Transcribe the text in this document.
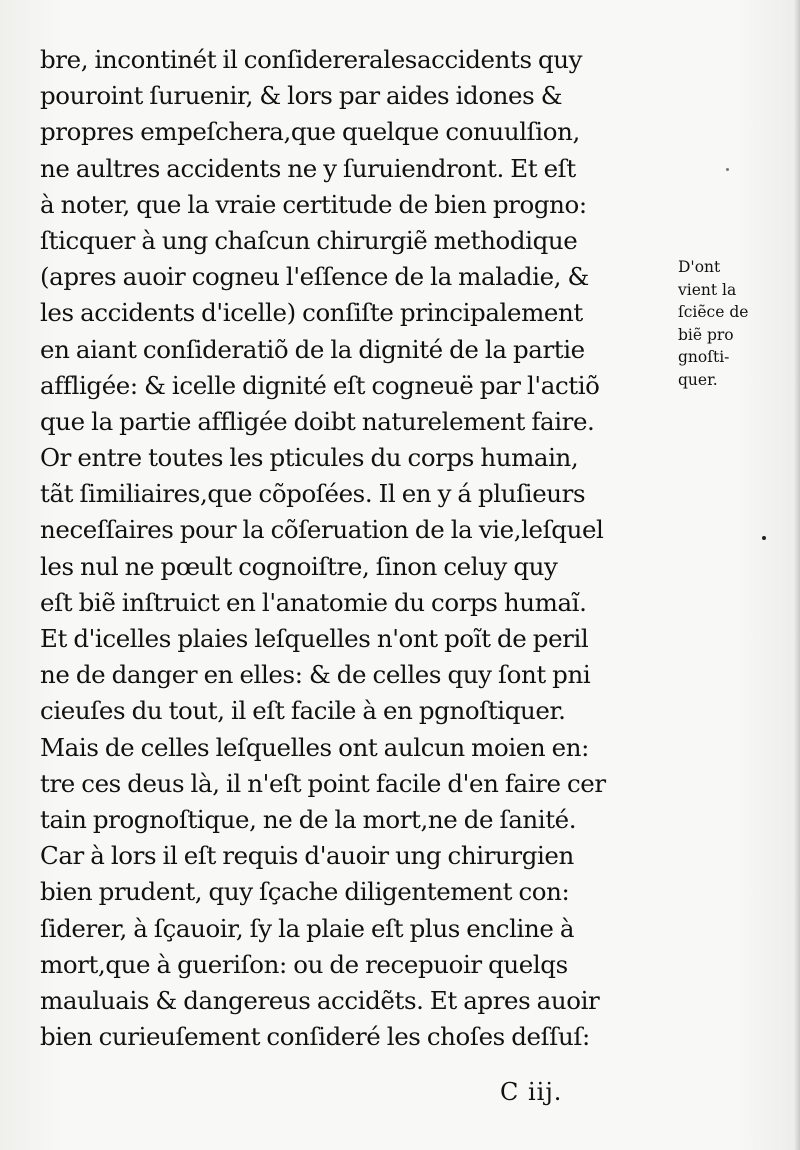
bre, incontinét il conſidereralesaccidents quy
pouroint ſuruenir, & lors par aides idones &
propres empeſchera,que quelque conuulſion,
ne aultres accidents ne y ſuruiendront. Et eſt
à noter, que la vraie certitude de bien progno:
ſticquer à ung chaſcun chirurgiẽ methodique
(apres auoir cogneu l'eſſence de la maladie, &
les accidents d'icelle) conſiſte principalement
en aiant conſideratiõ de la dignité de la partie
affligée: & icelle dignité eſt cogneuë par l'actiõ
que la partie affligée doibt naturelement faire.
Or entre toutes les pticules du corps humain,
tãt ſimiliaires,que cõpoſées. Il en y á pluſieurs
neceſſaires pour la cõſeruation de la vie,leſquel
les nul ne pœult cognoiſtre, ſinon celuy quy
eſt biẽ inſtruict en l'anatomie du corps humaĩ.
Et d'icelles plaies leſquelles n'ont poĩt de peril
ne de danger en elles: & de celles quy ſont pni
cieuſes du tout, il eſt facile à en pgnoſtiquer.
Mais de celles leſquelles ont aulcun moien en:
tre ces deus là, il n'eſt point facile d'en faire cer
tain prognoſtique, ne de la mort,ne de ſanité.
Car à lors il eſt requis d'auoir ung chirurgien
bien prudent, quy ſçache diligentement con:
ſiderer, à ſçauoir, ſy la plaie eſt plus encline à
mort,que à gueriſon: ou de recepuoir quelqs
mauluais & dangereus accidẽts. Et apres auoir
bien curieuſement conſideré les choſes deſſuſ:
D'ont
vient la
ſciẽce de
biẽ pro
gnoſti-
quer.
C iij.
